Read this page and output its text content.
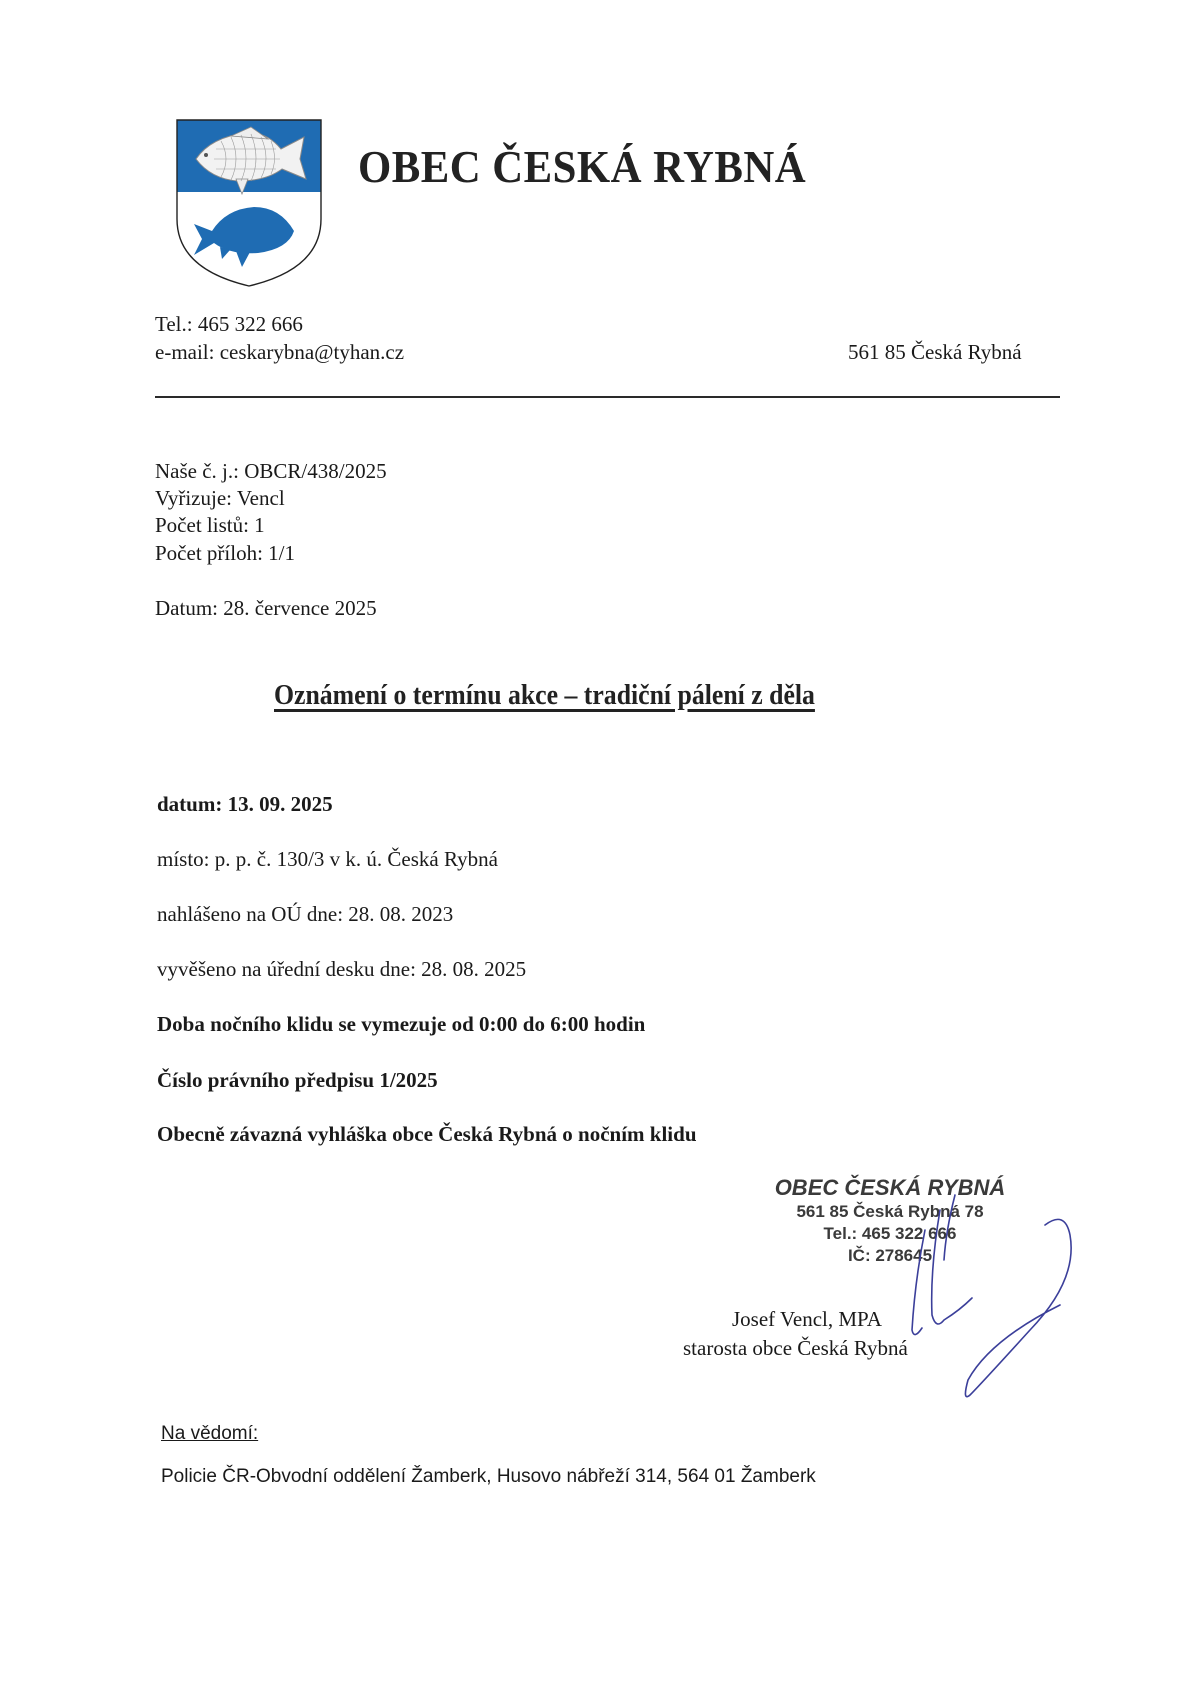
OBEC ČESKÁ RYBNÁ
Tel.: 465 322 666
e-mail: ceskarybna@tyhan.cz	561 85 Česká Rybná
Naše č. j.: OBCR/438/2025
Vyřizuje: Vencl
Počet listů: 1
Počet příloh: 1/1
Datum: 28. července 2025
Oznámení o termínu akce – tradiční pálení z děla
datum: 13. 09. 2025
místo: p. p. č. 130/3 v k. ú. Česká Rybná
nahlášeno na OÚ dne: 28. 08. 2023
vyvěšeno na úřední desku dne: 28. 08. 2025
Doba nočního klidu se vymezuje od 0:00 do 6:00 hodin
Číslo právního předpisu 1/2025
Obecně závazná vyhláška obce Česká Rybná o nočním klidu
OBEC ČESKÁ RYBNÁ
561 85 Česká Rybná 78
Tel.: 465 322 666
IČ: 278645
Josef Vencl, MPA
starosta obce Česká Rybná
Na vědomí:
Policie ČR-Obvodní oddělení Žamberk, Husovo nábřeží 314, 564 01 Žamberk
